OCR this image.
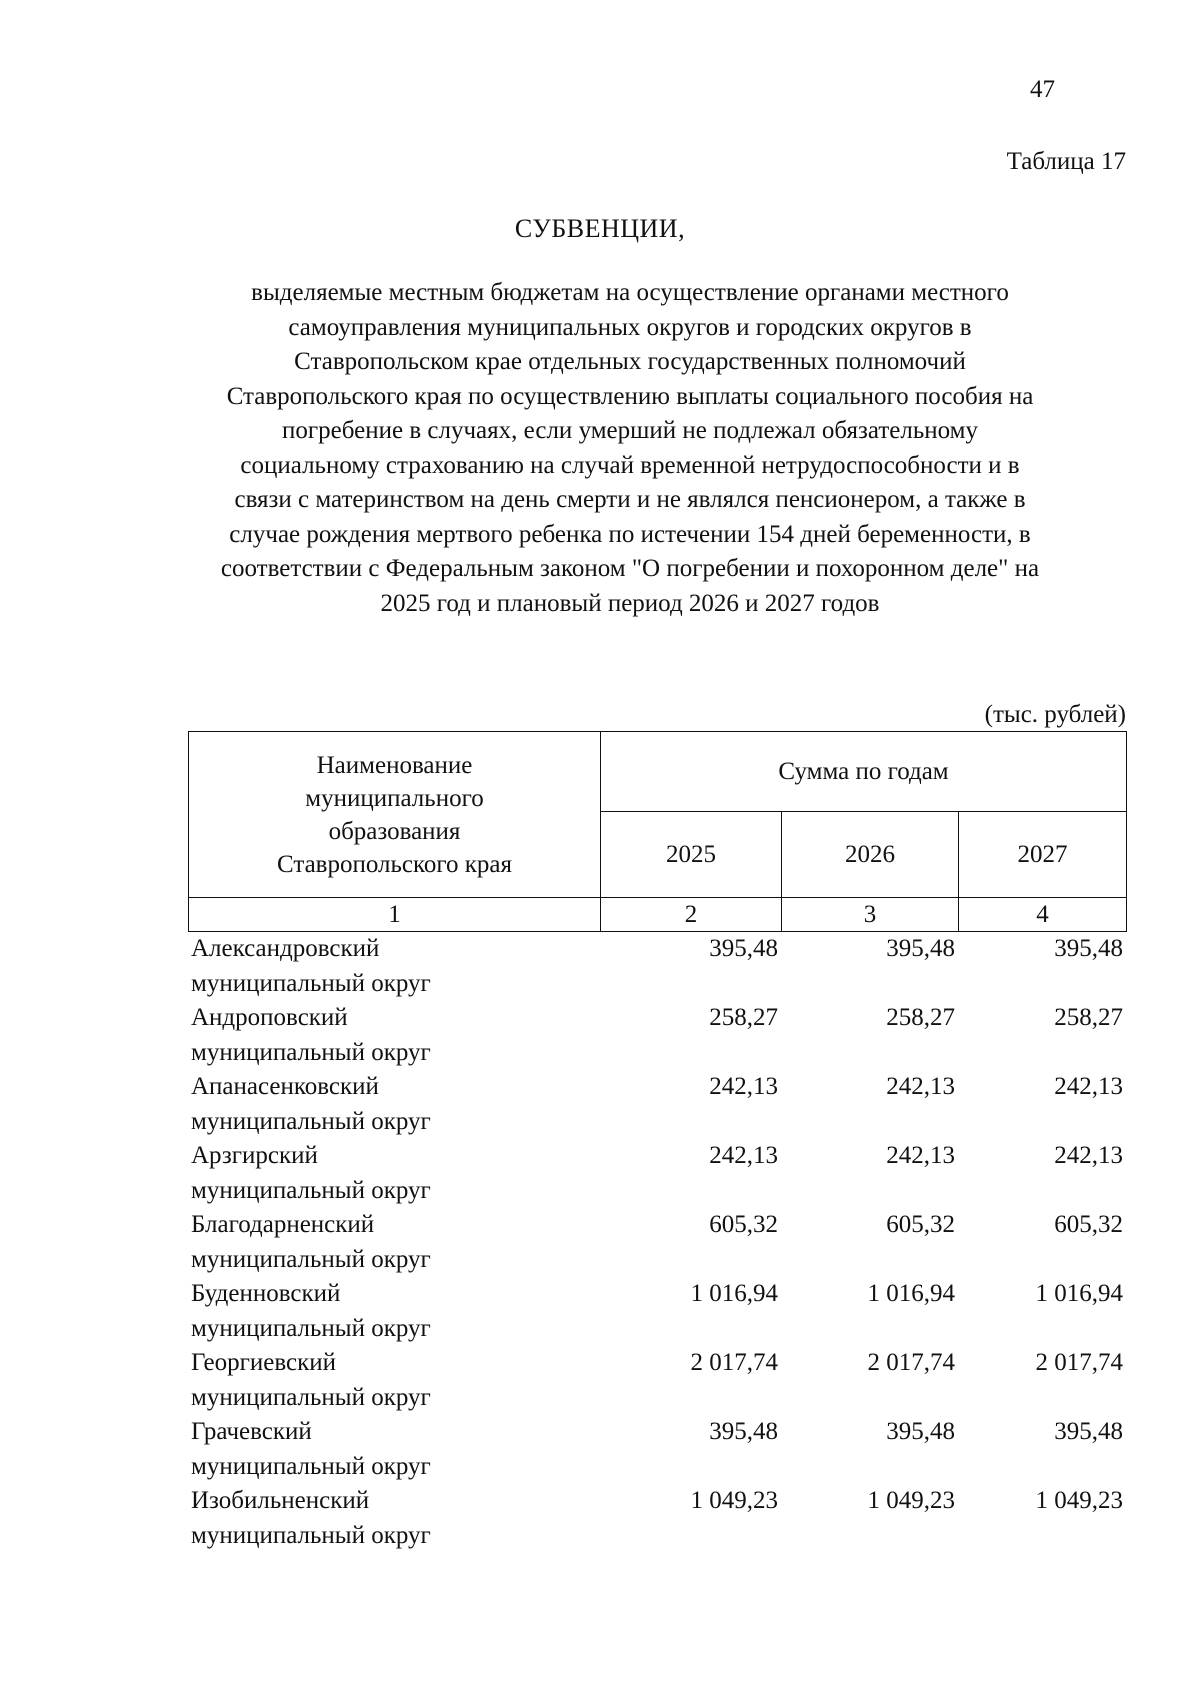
47
Таблица 17
СУБВЕНЦИИ,
выделяемые местным бюджетам на осуществление органами местного
самоуправления муниципальных округов и городских округов в
Ставропольском крае отдельных государственных полномочий
Ставропольского края по осуществлению выплаты социального пособия на
погребение в случаях, если умерший не подлежал обязательному
социальному страхованию на случай временной нетрудоспособности и в
связи с материнством на день смерти и не являлся пенсионером, а также в
случае рождения мертвого ребенка по истечении 154 дней беременности, в
соответствии с Федеральным законом "О погребении и похоронном деле" на
2025 год и плановый период 2026 и 2027 годов
(тыс. рублей)
Наименование
муниципального
образования
Ставропольского края	Сумма по годам		
	2025	2026	2027
1	2	3	4
Александровский
муниципальный округ	395,48	395,48	395,48

Андроповский
муниципальный округ	258,27	258,27	258,27

Апанасенковский
муниципальный округ	242,13	242,13	242,13

Арзгирский
муниципальный округ	242,13	242,13	242,13

Благодарненский
муниципальный округ	605,32	605,32	605,32

Буденновский
муниципальный округ	1 016,94	1 016,94	1 016,94

Георгиевский
муниципальный округ	2 017,74	2 017,74	2 017,74

Грачевский
муниципальный округ	395,48	395,48	395,48

Изобильненский
муниципальный округ	1 049,23	1 049,23	1 049,23
